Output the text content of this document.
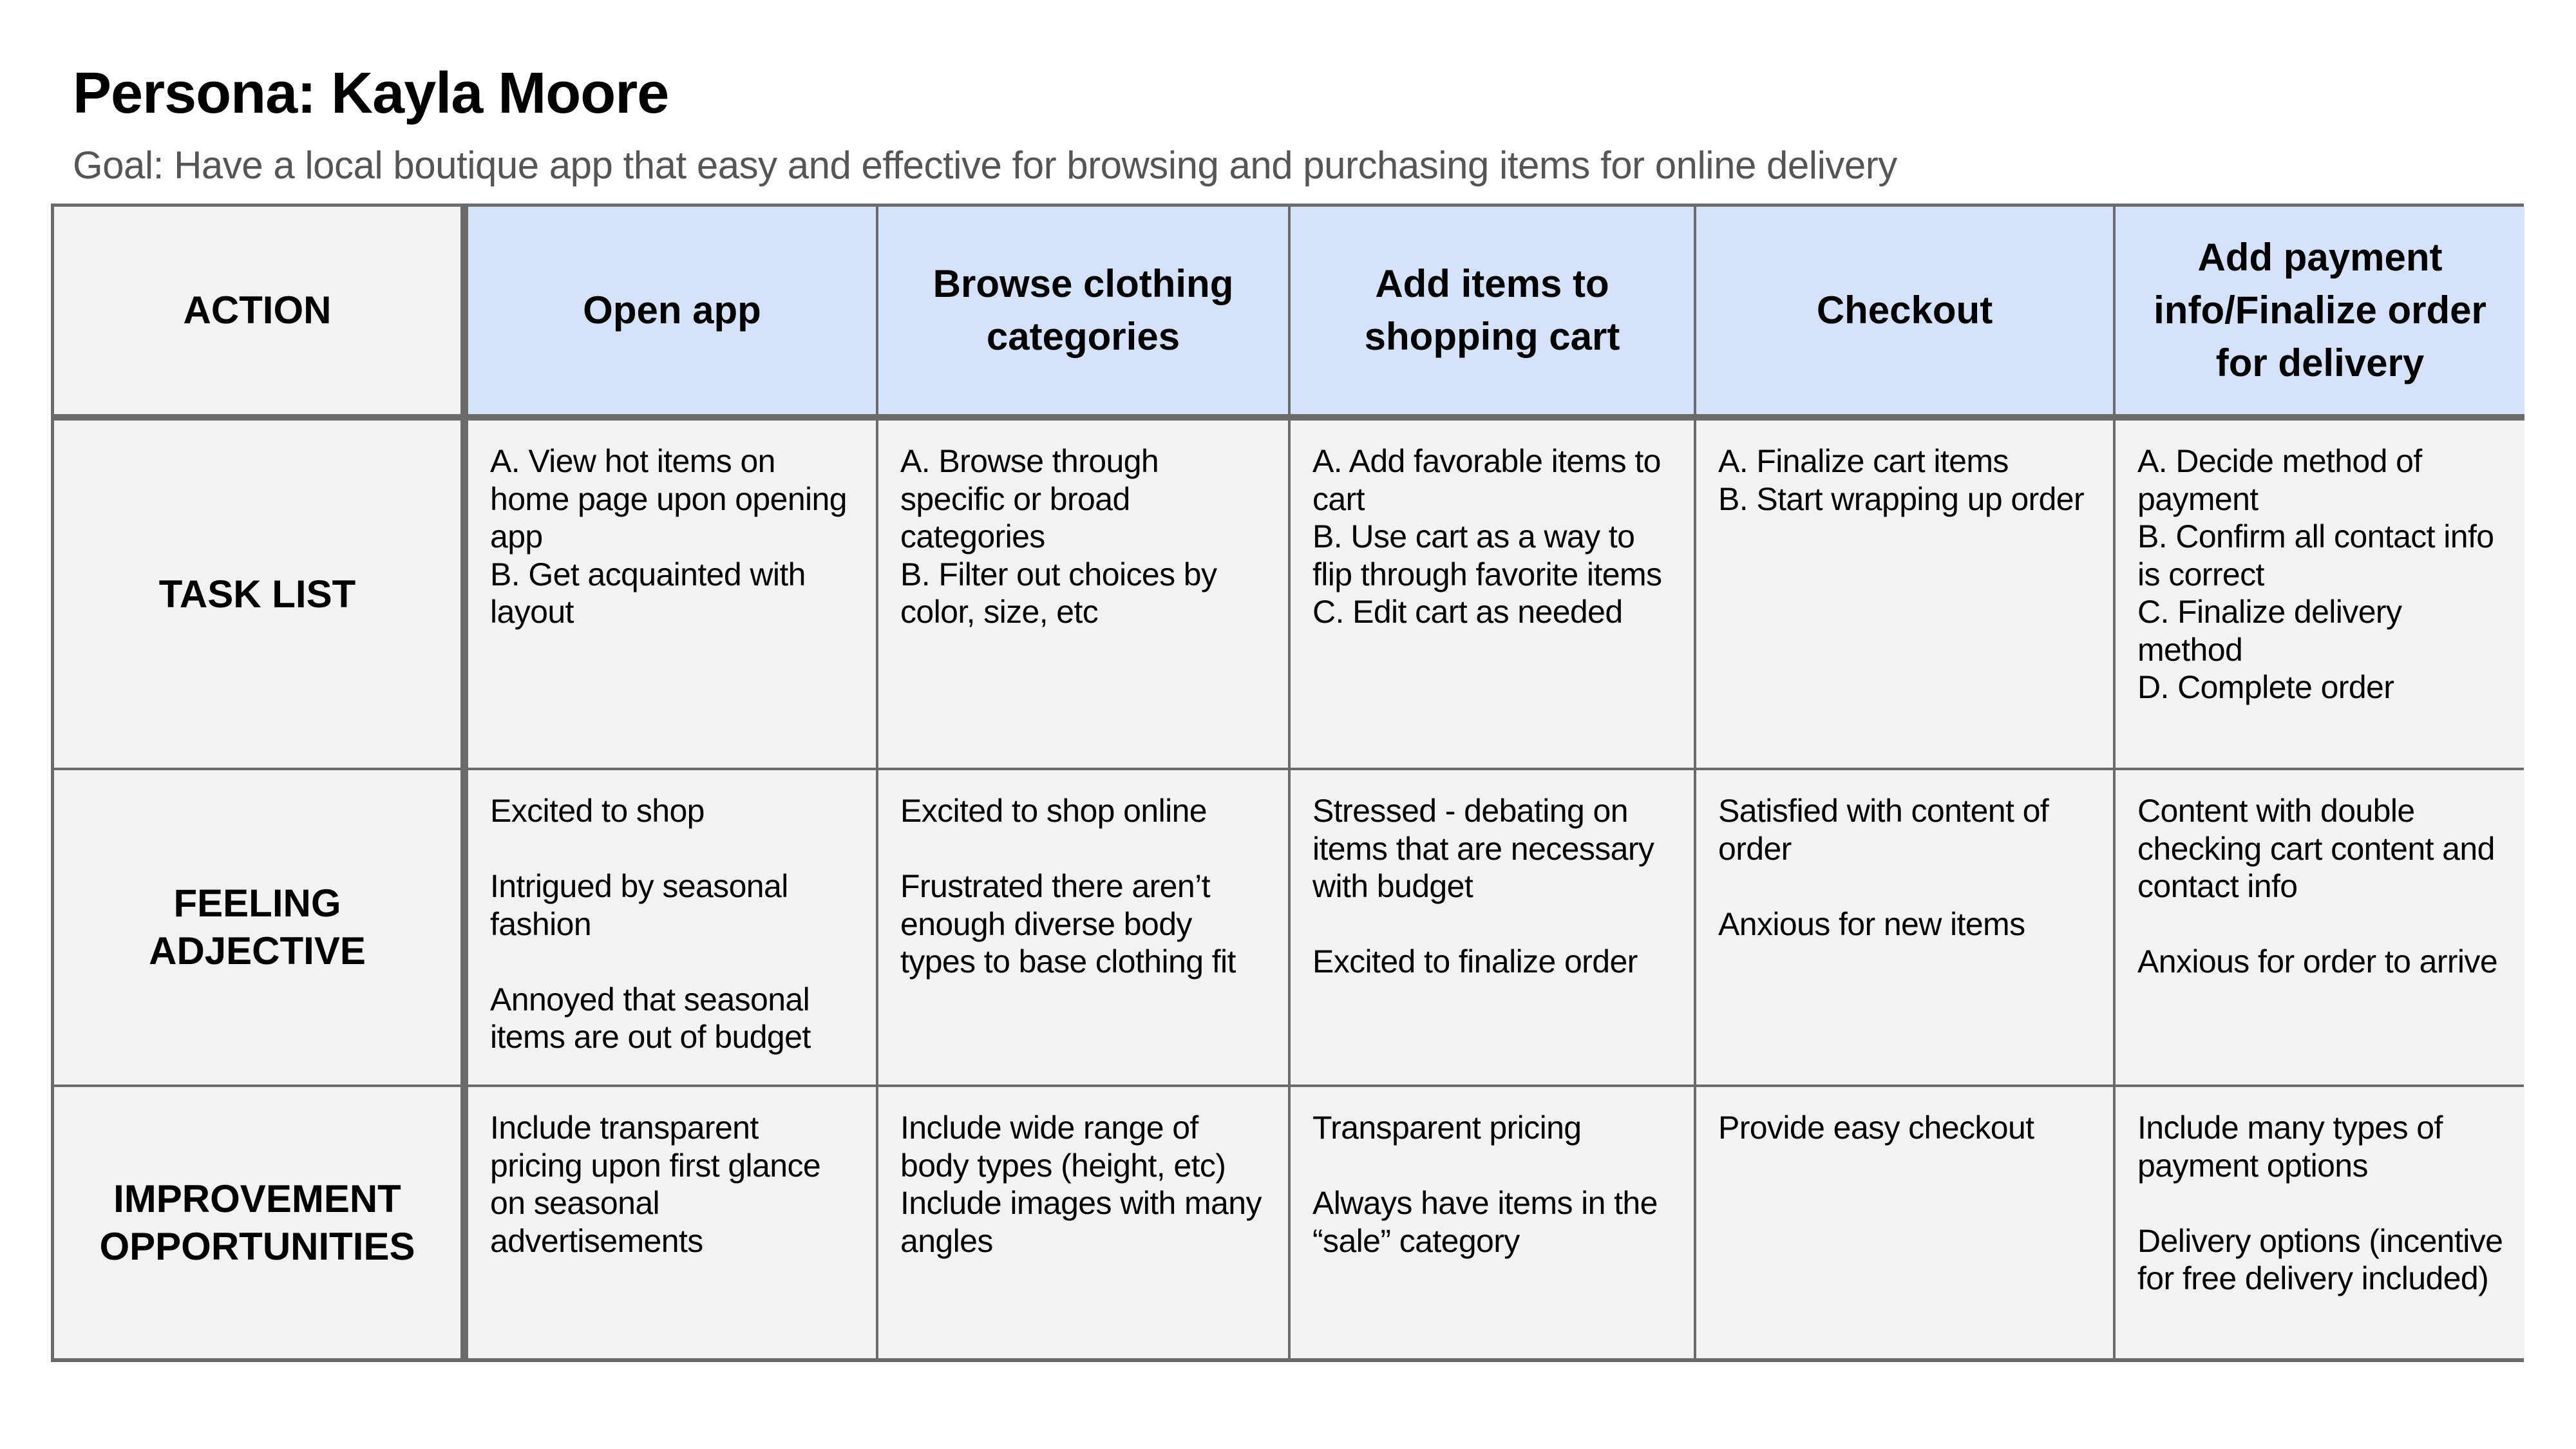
Persona: Kayla Moore
Goal: Have a local boutique app that easy and effective for browsing and purchasing items for online delivery
ACTION	Open app
Browse clothing categories
Add items to shopping cart
Checkout
Add payment info/Finalize order for delivery
TASK LIST

A. View hot items on home page upon opening app

B. Get acquainted with layout

A. Browse through specific or broad categories

B. Filter out choices by color, size, etc

A. Add favorable items to cart

B. Use cart as a way to flip through favorite items

C. Edit cart as needed

A. Finalize cart items

B. Start wrapping up order

A. Decide method of payment

B. Confirm all contact info is correct

C. Finalize delivery method

D. Complete order

FEELING
ADJECTIVE

Excited to shop

Intrigued by seasonal fashion

Annoyed that seasonal items are out of budget

Excited to shop online

Frustrated there aren’t enough diverse body types to base clothing fit

Stressed - debating on items that are necessary with budget

Excited to finalize order

Satisfied with content of order

Anxious for new items

Content with double checking cart content and contact info

Anxious for order to arrive

IMPROVEMENT
OPPORTUNITIES

Include transparent pricing upon first glance on seasonal advertisements

Include wide range of body types (height, etc)

Include images with many angles

Transparent pricing

Always have items in the “sale” category

Provide easy checkout	Include many types of payment options

Delivery options (incentive for free delivery included)
